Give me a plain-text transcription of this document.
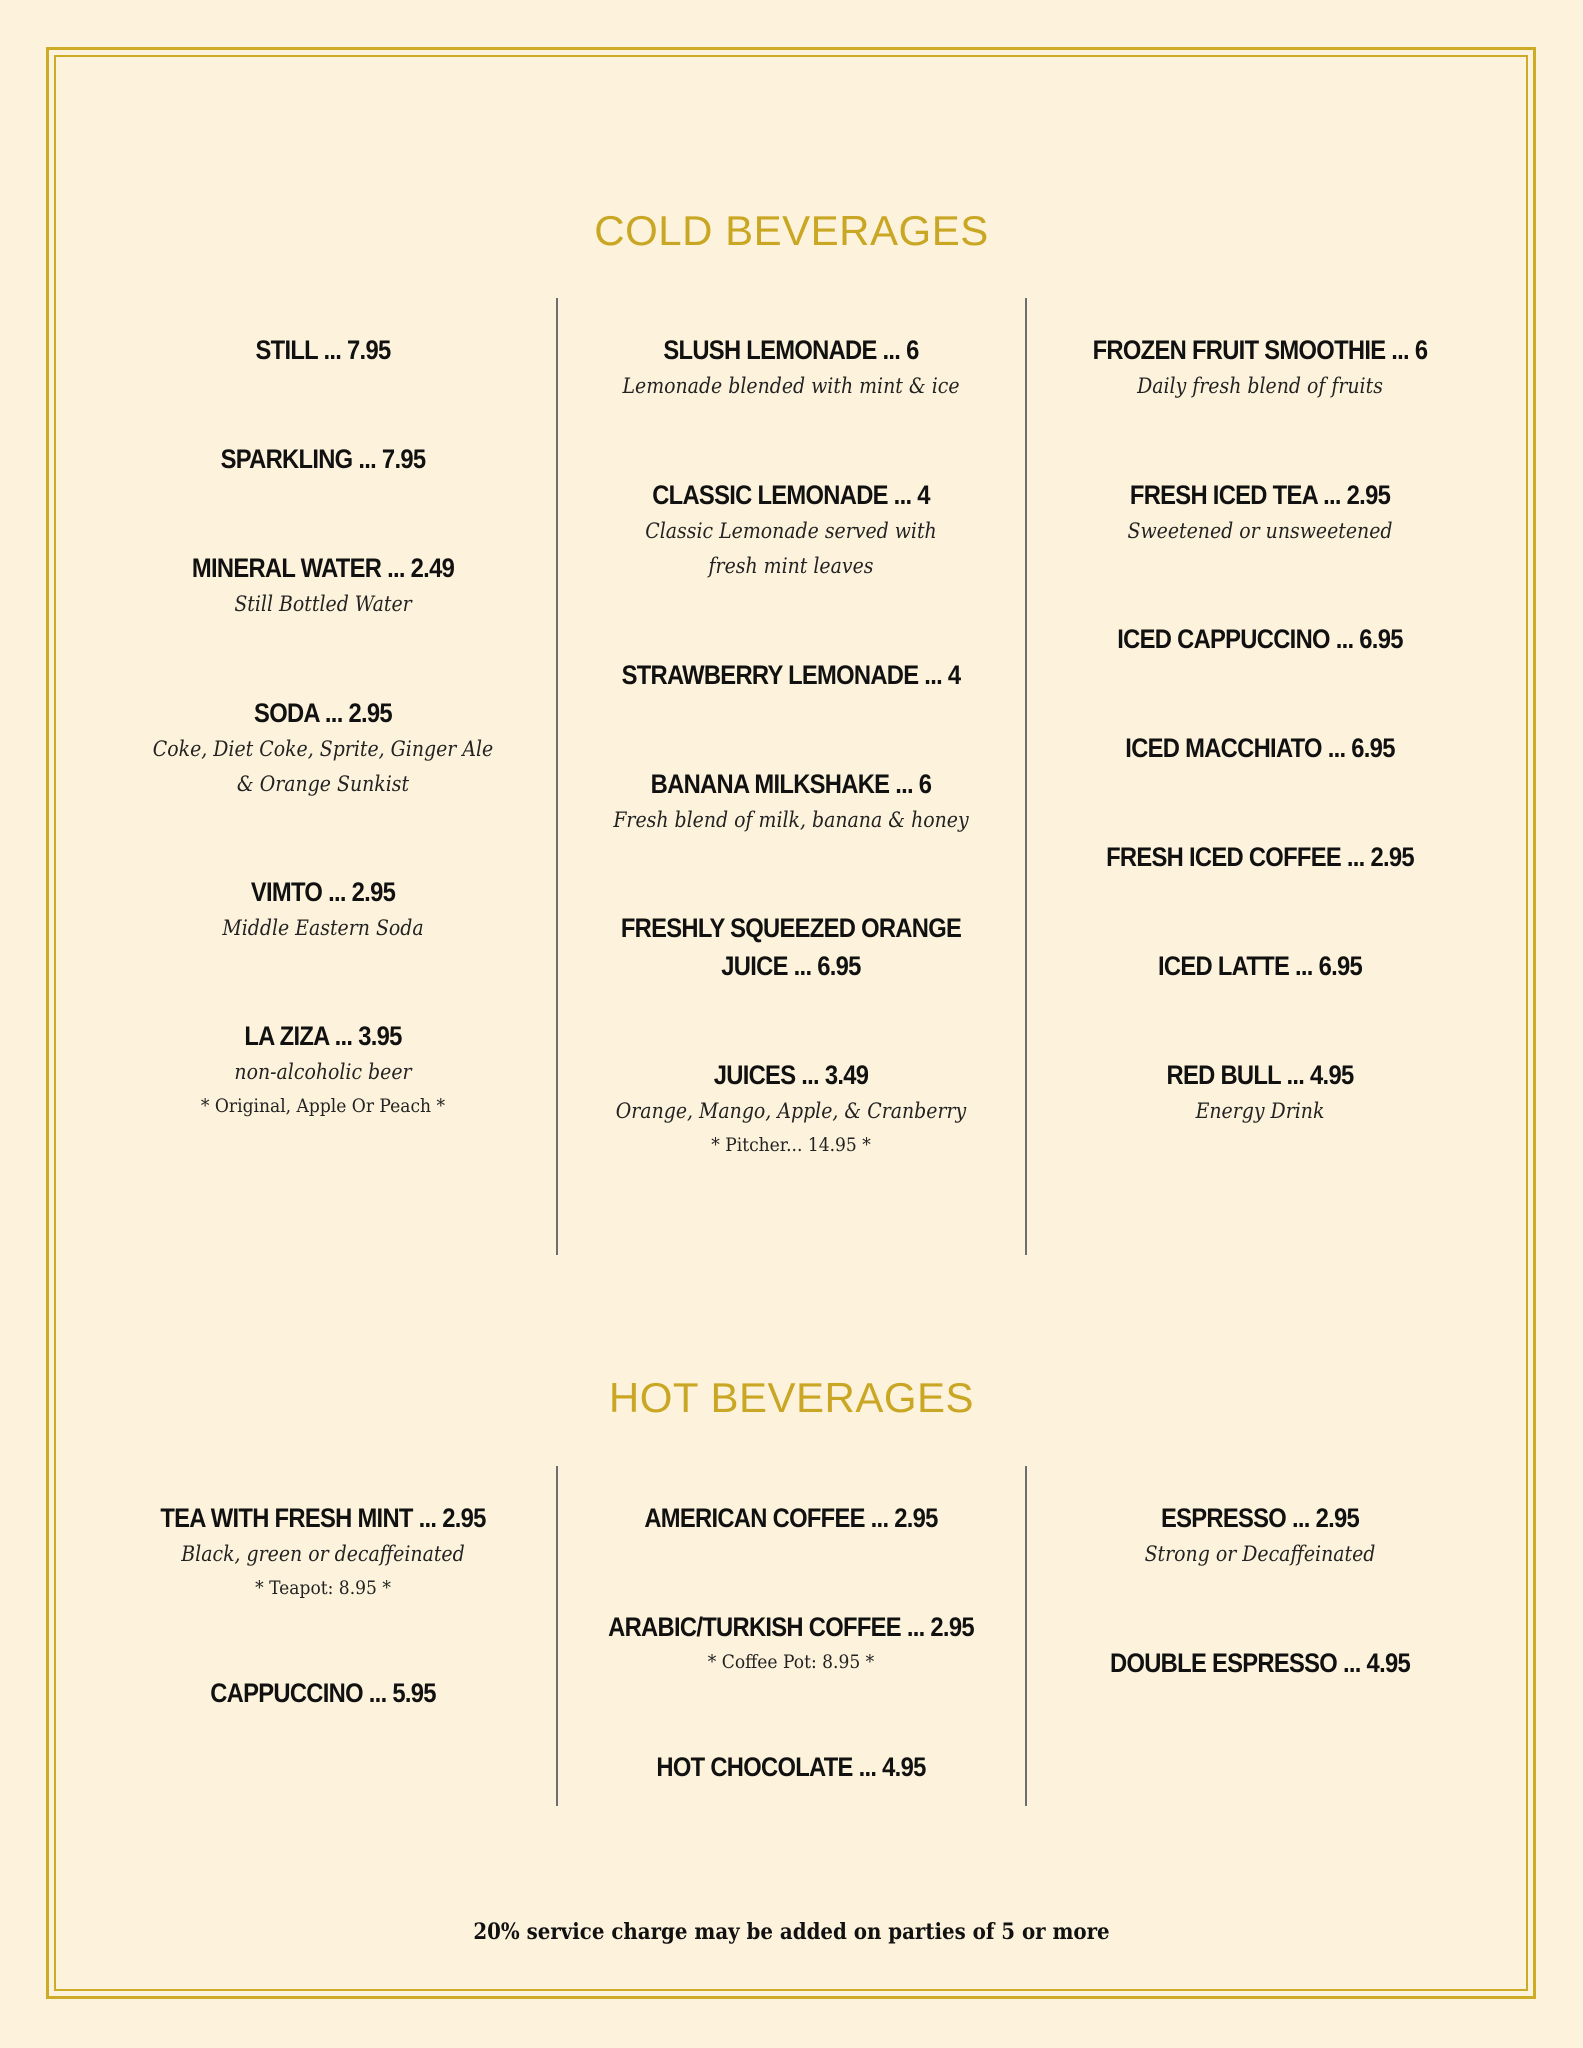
COLD BEVERAGES
STILL ... 7.95
SPARKLING ... 7.95
MINERAL WATER ... 2.49
Still Bottled Water
SODA ... 2.95
Coke, Diet Coke, Sprite, Ginger Ale & Orange Sunkist
VIMTO ... 2.95
Middle Eastern Soda
LA ZIZA ... 3.95
non-alcoholic beer
* Original, Apple Or Peach *
SLUSH LEMONADE ... 6
Lemonade blended with mint & ice
CLASSIC LEMONADE ... 4
Classic Lemonade served with fresh mint leaves
STRAWBERRY LEMONADE ... 4
BANANA MILKSHAKE ... 6
Fresh blend of milk, banana & honey
FRESHLY SQUEEZED ORANGE JUICE ... 6.95
JUICES ... 3.49
Orange, Mango, Apple, & Cranberry
* Pitcher... 14.95 *
FROZEN FRUIT SMOOTHIE ... 6
Daily fresh blend of fruits
FRESH ICED TEA ... 2.95
Sweetened or unsweetened
ICED CAPPUCCINO ... 6.95
ICED MACCHIATO ... 6.95
FRESH ICED COFFEE ... 2.95
ICED LATTE ... 6.95
RED BULL ... 4.95
Energy Drink
HOT BEVERAGES
TEA WITH FRESH MINT ... 2.95
Black, green or decaffeinated
* Teapot: 8.95 *
CAPPUCCINO ... 5.95
AMERICAN COFFEE ... 2.95
ARABIC/TURKISH COFFEE ... 2.95
* Coffee Pot: 8.95 *
HOT CHOCOLATE ... 4.95
ESPRESSO ... 2.95
Strong or Decaffeinated
DOUBLE ESPRESSO ... 4.95
20% service charge may be added on parties of 5 or more
